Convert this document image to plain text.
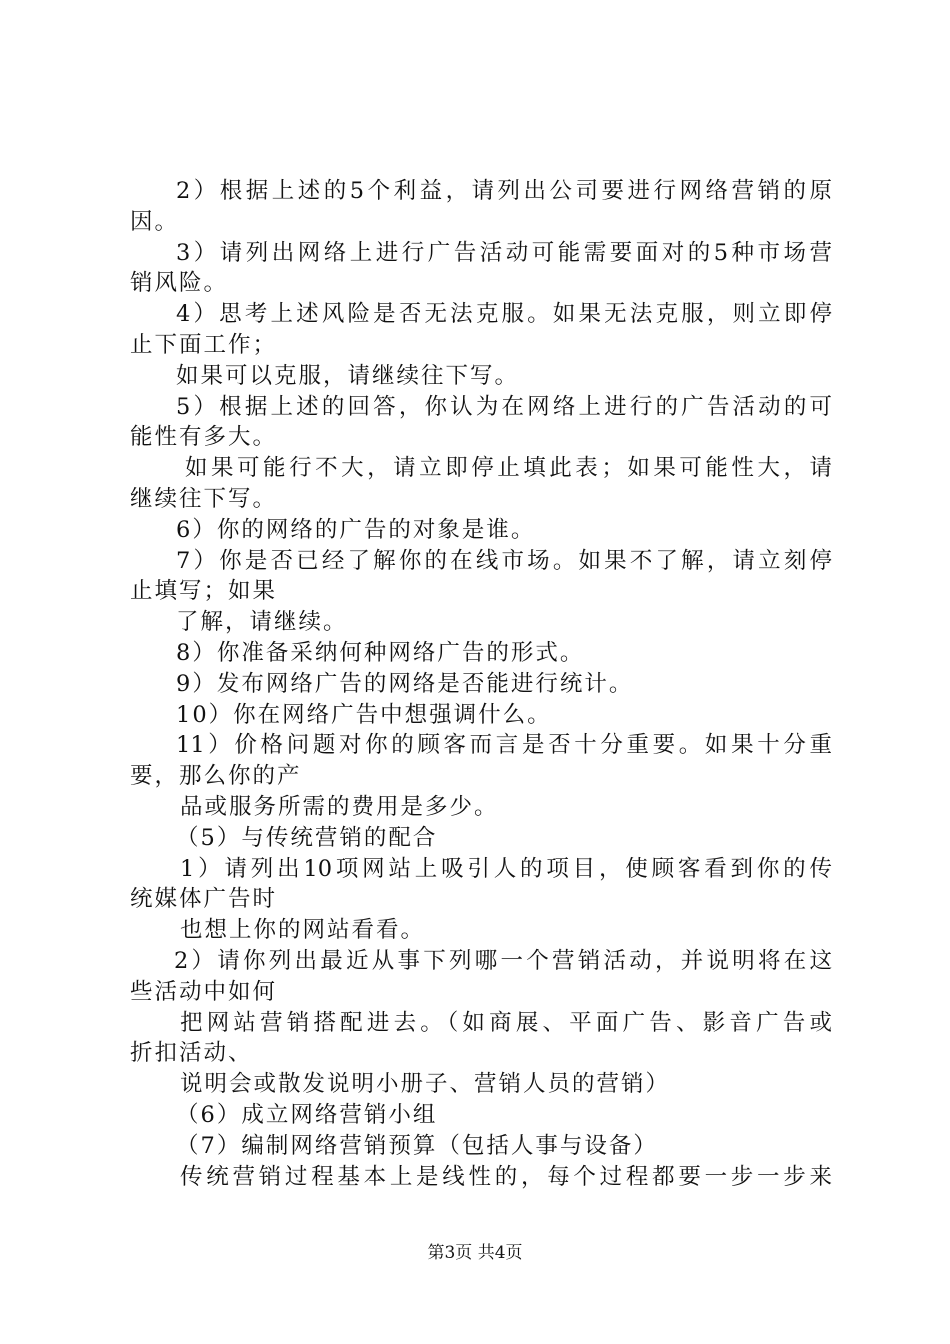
2）根据上述的5个利益，请列出公司要进行网络营销的原
因。
3）请列出网络上进行广告活动可能需要面对的5种市场营
销风险。
4）思考上述风险是否无法克服。如果无法克服，则立即停
止下面工作；
如果可以克服，请继续往下写。
5）根据上述的回答，你认为在网络上进行的广告活动的可
能性有多大。
如果可能行不大，请立即停止填此表；如果可能性大，请
继续往下写。
6）你的网络的广告的对象是谁。
7）你是否已经了解你的在线市场。如果不了解，请立刻停
止填写；如果
了解，请继续。
8）你准备采纳何种网络广告的形式。
9）发布网络广告的网络是否能进行统计。
10）你在网络广告中想强调什么。
11）价格问题对你的顾客而言是否十分重要。如果十分重
要，那么你的产
品或服务所需的费用是多少。
（5）与传统营销的配合
1）请列出10项网站上吸引人的项目，使顾客看到你的传
统媒体广告时
也想上你的网站看看。
2）请你列出最近从事下列哪一个营销活动，并说明将在这
些活动中如何
把网站营销搭配进去。（如商展、平面广告、影音广告或
折扣活动、
说明会或散发说明小册子、营销人员的营销）
（6）成立网络营销小组
（7）编制网络营销预算（包括人事与设备）
传统营销过程基本上是线性的，每个过程都要一步一步来
第3页 共4页
